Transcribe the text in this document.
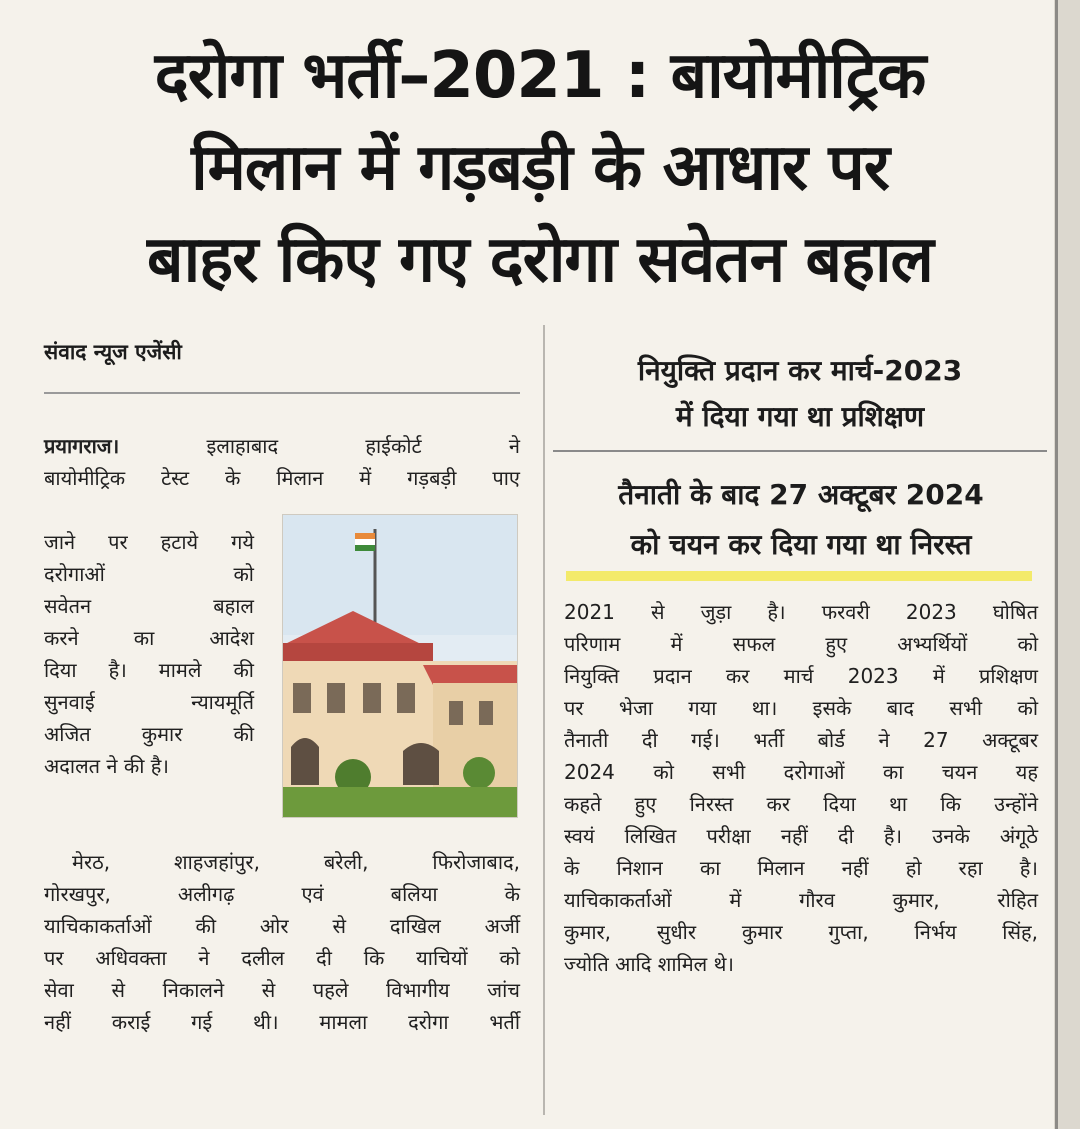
दरोगा भर्ती–2021 : बायोमीट्रिक
मिलान में गड़बड़ी के आधार पर
बाहर किए गए दरोगा सवेतन बहाल
संवाद न्यूज एजेंसी
नियुक्ति प्रदान कर मार्च-2023
में दिया गया था प्रशिक्षण
तैनाती के बाद 27 अक्टूबर 2024
को चयन कर दिया गया था निरस्त
प्रयागराज।	इलाहाबाद हाईकोर्ट ने
बायोमीट्रिक टेस्ट के मिलान में गड़बड़ी पाए
जाने पर हटाये गये
दरोगाओं को
सवेतन बहाल
करने का आदेश
दिया है। मामले की
सुनवाई न्यायमूर्ति
अजित कुमार की
अदालत ने की है।
मेरठ, शाहजहांपुर, बरेली, फिरोजाबाद,
गोरखपुर, अलीगढ़ एवं बलिया के
याचिकाकर्ताओं की ओर से दाखिल अर्जी
पर अधिवक्ता ने दलील दी कि याचियों को
सेवा से निकालने से पहले विभागीय जांच
नहीं कराई गई थी। मामला दरोगा भर्ती
2021 से जुड़ा है। फरवरी 2023 घोषित
परिणाम में सफल हुए अभ्यर्थियों को
नियुक्ति प्रदान कर मार्च 2023 में प्रशिक्षण
पर भेजा गया था। इसके बाद सभी को
तैनाती दी गई। भर्ती बोर्ड ने 27 अक्टूबर
2024 को सभी दरोगाओं का चयन यह
कहते हुए निरस्त कर दिया था कि उन्होंने
स्वयं लिखित परीक्षा नहीं दी है। उनके अंगूठे
के निशान का मिलान नहीं हो रहा है।
याचिकाकर्ताओं में गौरव कुमार, रोहित
कुमार, सुधीर कुमार गुप्ता, निर्भय सिंह,
ज्योति आदि शामिल थे।
